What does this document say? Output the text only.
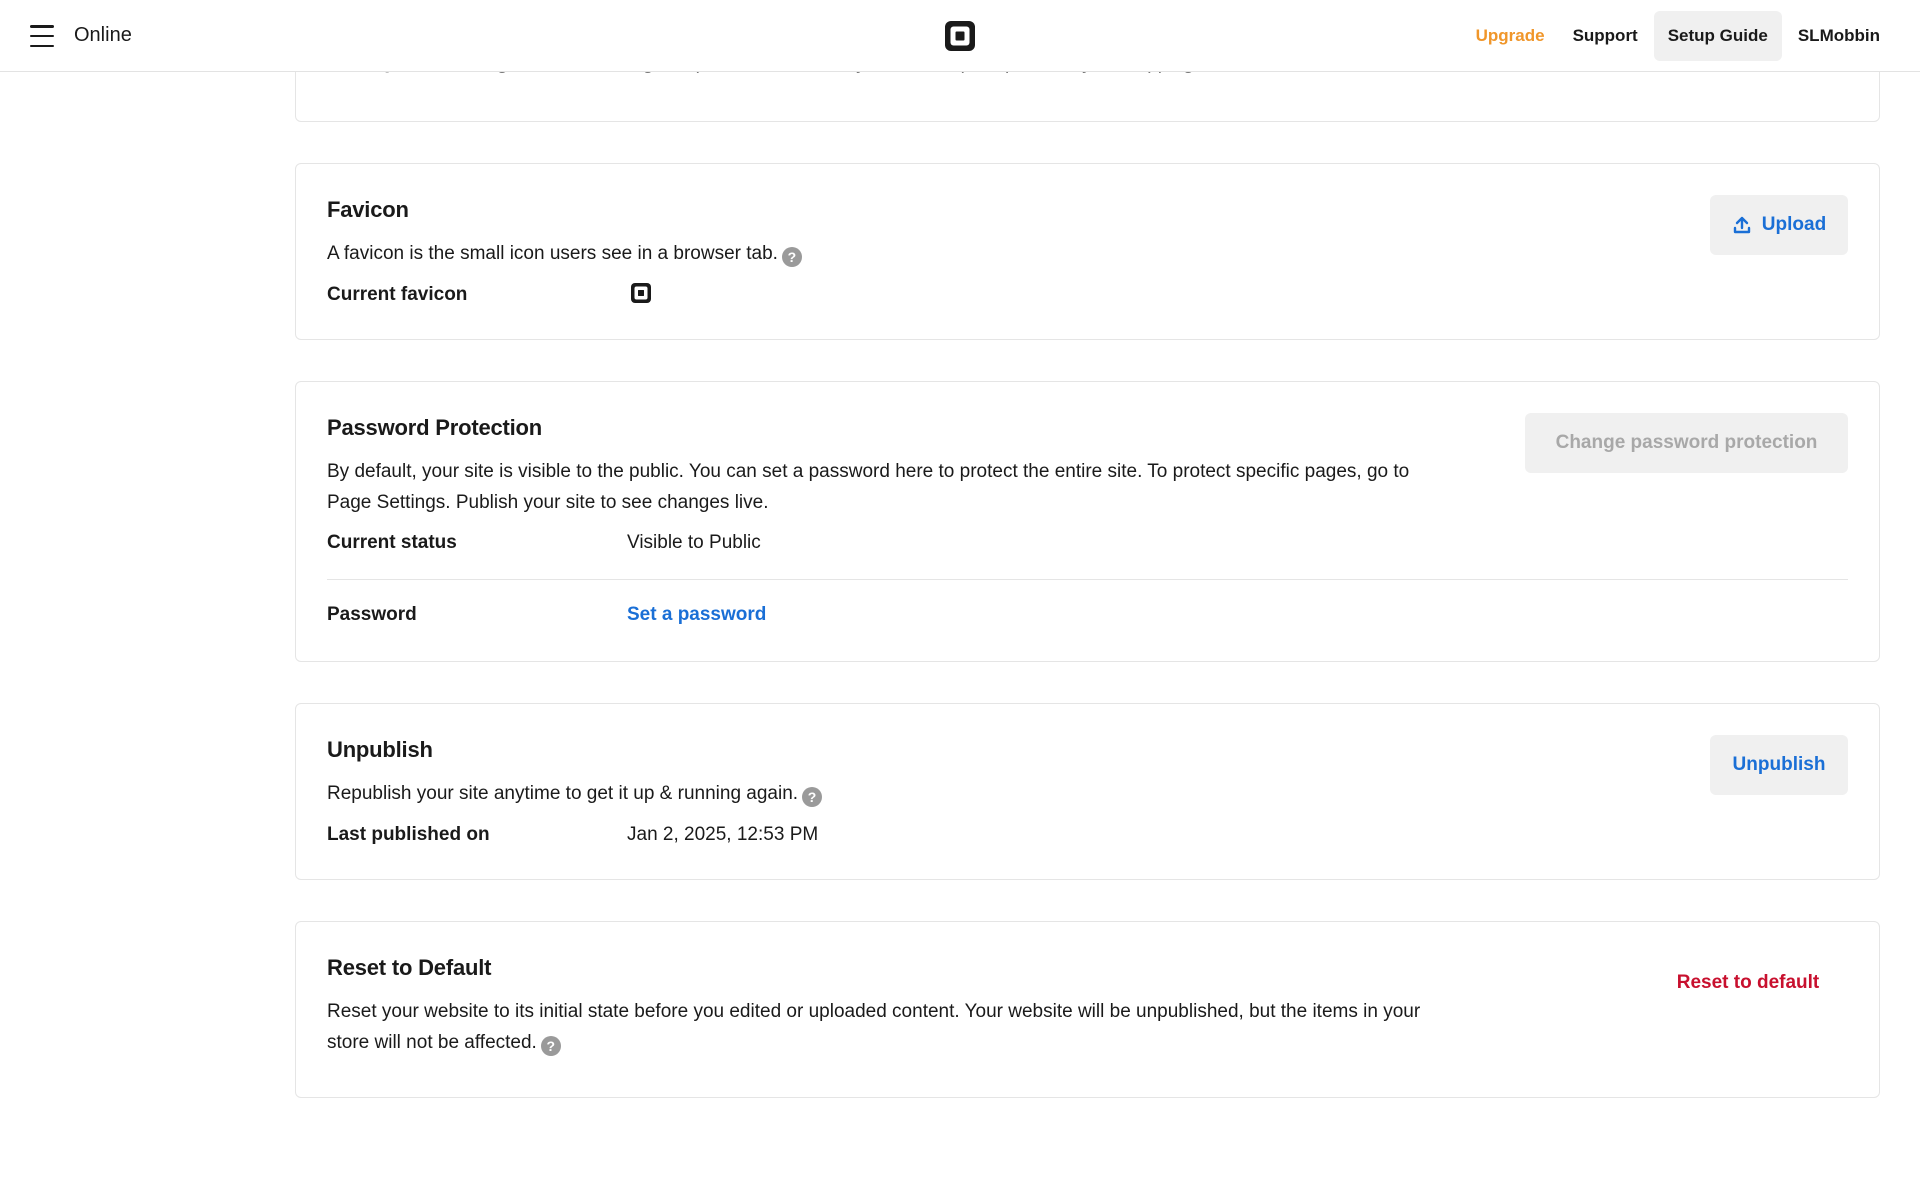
Online	Upgrade	Support	Setup Guide	SLMobbin
Favicon
A favicon is the small icon users see in a browser tab. ?
Current favicon
Upload
Password Protection
By default, your site is visible to the public. You can set a password here to protect the entire site. To protect specific pages, go to Page Settings. Publish your site to see changes live.
Change password protection
Current status	Visible to Public
Password	Set a password
Unpublish
Republish your site anytime to get it up & running again. ?
Last published on	Jan 2, 2025, 12:53 PM
Unpublish
Reset to Default
Reset your website to its initial state before you edited or uploaded content. Your website will be unpublished, but the items in your store will not be affected. ?
Reset to default
